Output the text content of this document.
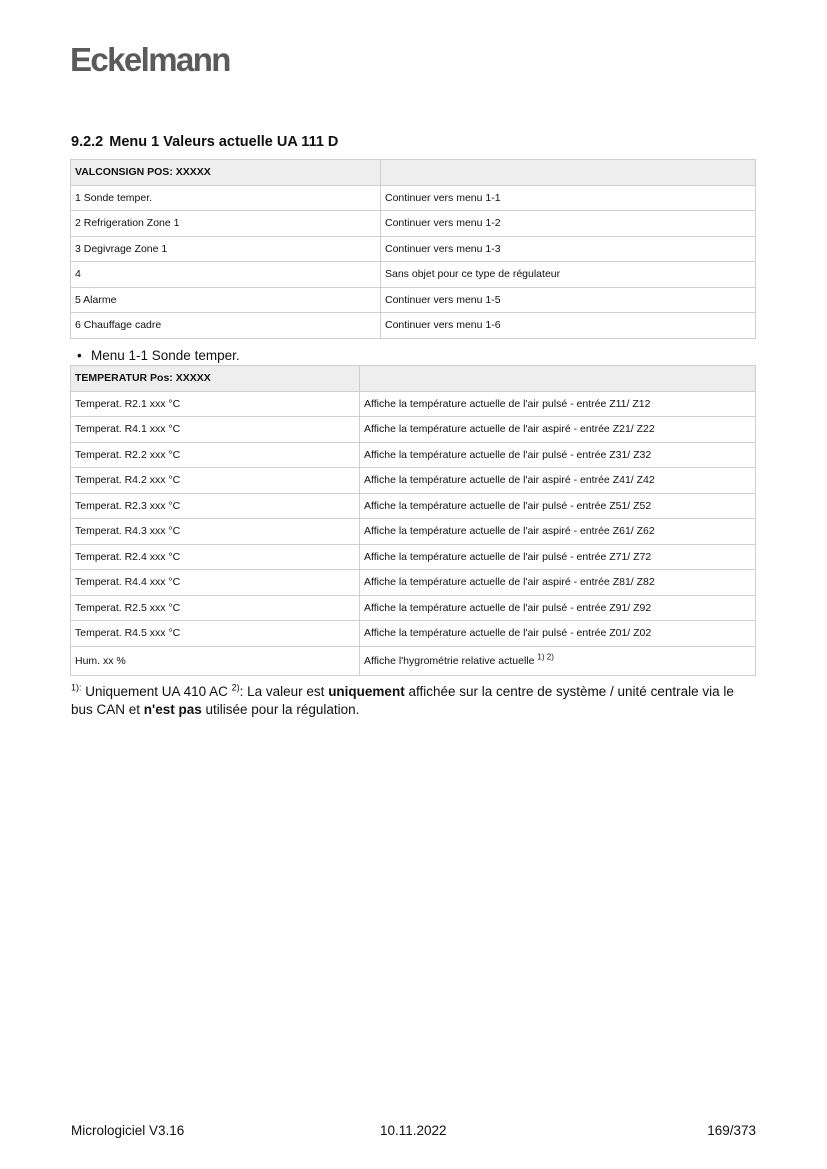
Eckelmann
9.2.2 Menu 1 Valeurs actuelle UA 111 D
VALCONSIGN POS: XXXXX	
1 Sonde temper.	Continuer vers menu 1-1
2 Refrigeration Zone 1	Continuer vers menu 1-2
3 Degivrage Zone 1	Continuer vers menu 1-3
4	Sans objet pour ce type de régulateur
5 Alarme	Continuer vers menu 1-5
6 Chauffage cadre	Continuer vers menu 1-6
• Menu 1-1 Sonde temper.
TEMPERATUR Pos: XXXXX	
Temperat. R2.1 xxx °C	Affiche la température actuelle de l'air pulsé - entrée Z11/ Z12
Temperat. R4.1 xxx °C	Affiche la température actuelle de l'air aspiré - entrée Z21/ Z22
Temperat. R2.2 xxx °C	Affiche la température actuelle de l'air pulsé - entrée Z31/ Z32
Temperat. R4.2 xxx °C	Affiche la température actuelle de l'air aspiré - entrée Z41/ Z42
Temperat. R2.3 xxx °C	Affiche la température actuelle de l'air pulsé - entrée Z51/ Z52
Temperat. R4.3 xxx °C	Affiche la température actuelle de l'air aspiré - entrée Z61/ Z62
Temperat. R2.4 xxx °C	Affiche la température actuelle de l'air pulsé - entrée Z71/ Z72
Temperat. R4.4 xxx °C	Affiche la température actuelle de l'air aspiré - entrée Z81/ Z82
Temperat. R2.5 xxx °C	Affiche la température actuelle de l'air pulsé - entrée Z91/ Z92
Temperat. R4.5 xxx °C	Affiche la température actuelle de l'air pulsé - entrée Z01/ Z02
Hum. xx %	Affiche l'hygrométrie relative actuelle $^{1) 2)}$
$^{1):}$ Uniquement UA 410 AC $^{2)}$: La valeur est uniquement affichée sur la centre de système / unité centrale via le bus CAN et n'est pas utilisée pour la régulation.
Micrologiciel V3.16	10.11.2022	169/373
